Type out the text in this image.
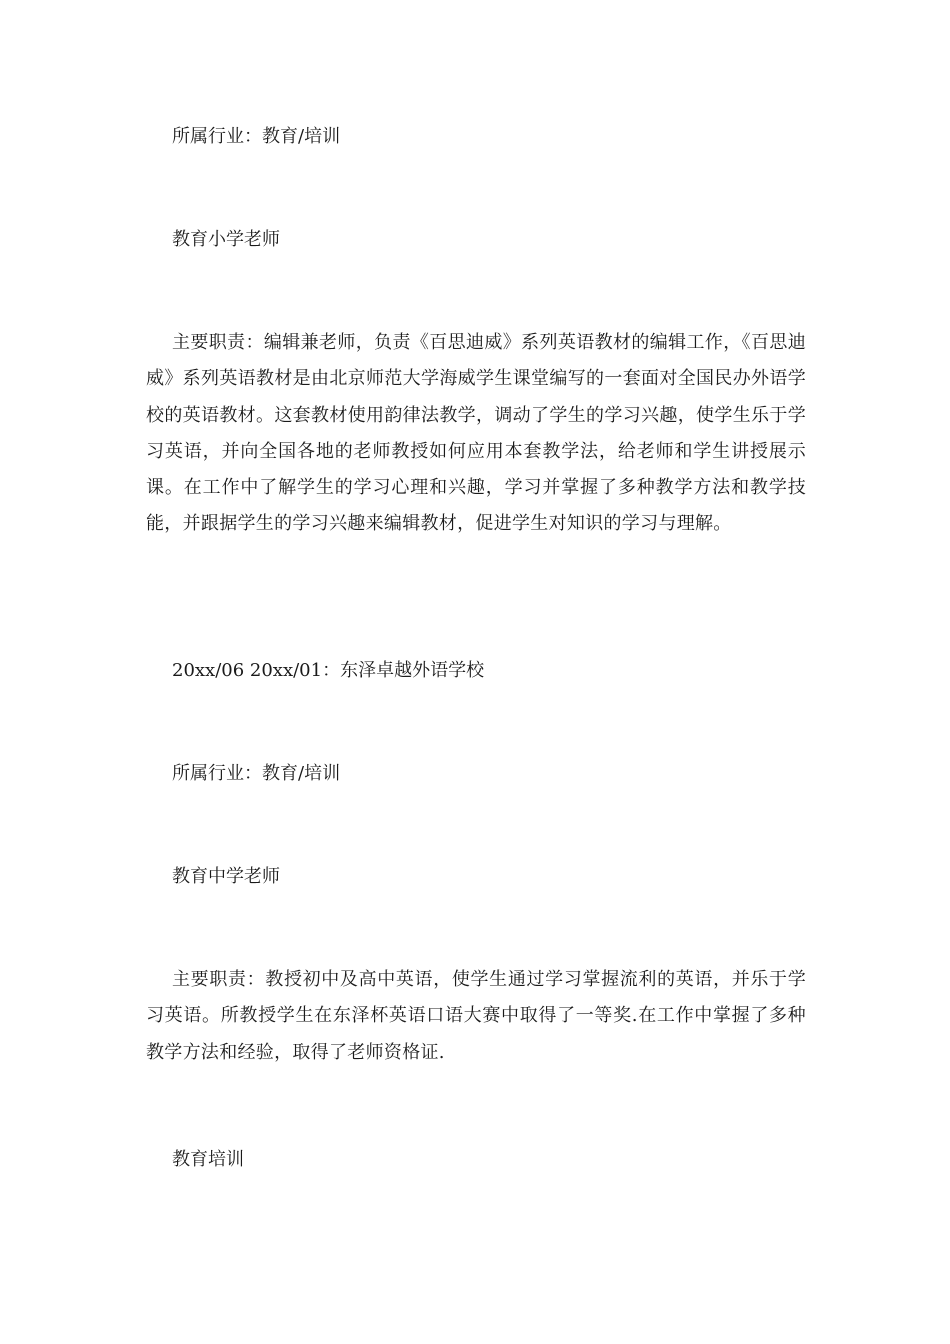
所属行业：教育/培训
教育小学老师
主要职责：编辑兼老师，负责《百思迪威》系列英语教材的编辑工作，《百思迪威》系列英语教材是由北京师范大学海威学生课堂编写的一套面对全国民办外语学校的英语教材。这套教材使用韵律法教学，调动了学生的学习兴趣，使学生乐于学习英语，并向全国各地的老师教授如何应用本套教学法，给老师和学生讲授展示课。在工作中了解学生的学习心理和兴趣，学习并掌握了多种教学方法和教学技能，并跟据学生的学习兴趣来编辑教材，促进学生对知识的学习与理解。
20xx/06 20xx/01：东泽卓越外语学校
所属行业：教育/培训
教育中学老师
主要职责：教授初中及高中英语，使学生通过学习掌握流利的英语，并乐于学习英语。所教授学生在东泽杯英语口语大赛中取得了一等奖.在工作中掌握了多种教学方法和经验，取得了老师资格证.
教育培训
